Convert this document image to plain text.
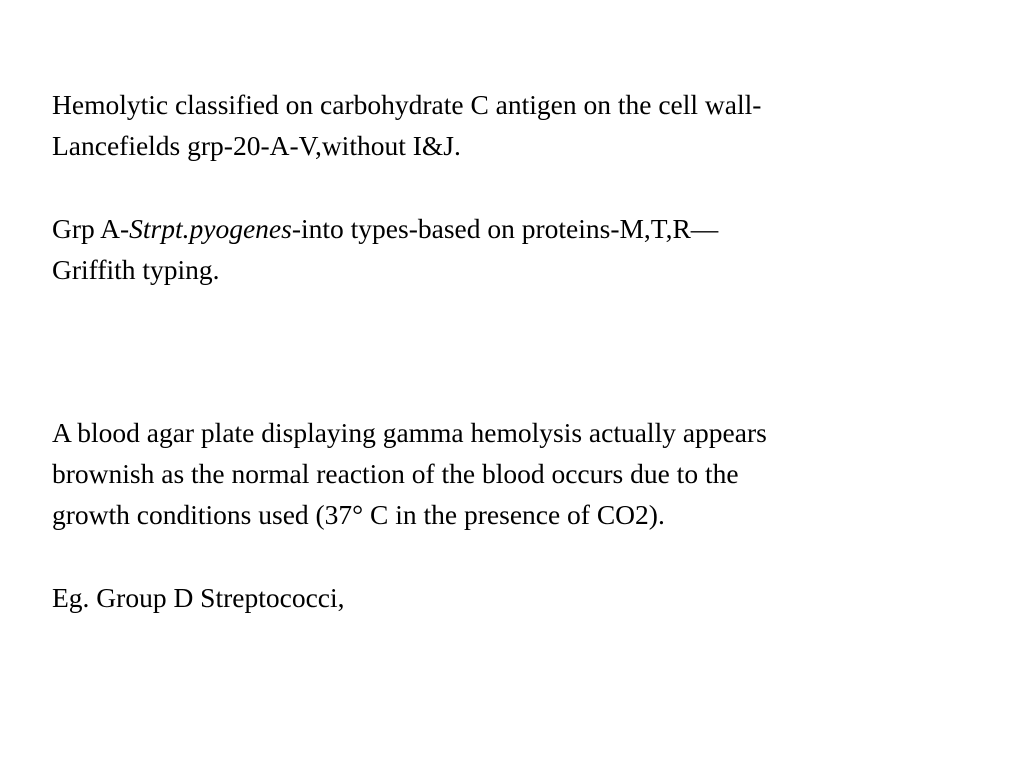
Hemolytic classified on carbohydrate C antigen on the cell wall-
Lancefields grp-20-A-V,without I&J.

Grp A-Strpt.pyogenes-into types-based on proteins-M,T,R—
Griffith typing.

A blood agar plate displaying gamma hemolysis actually appears
brownish as the normal reaction of the blood occurs due to the
growth conditions used (37° C in the presence of CO2).

Eg. Group D Streptococci,
